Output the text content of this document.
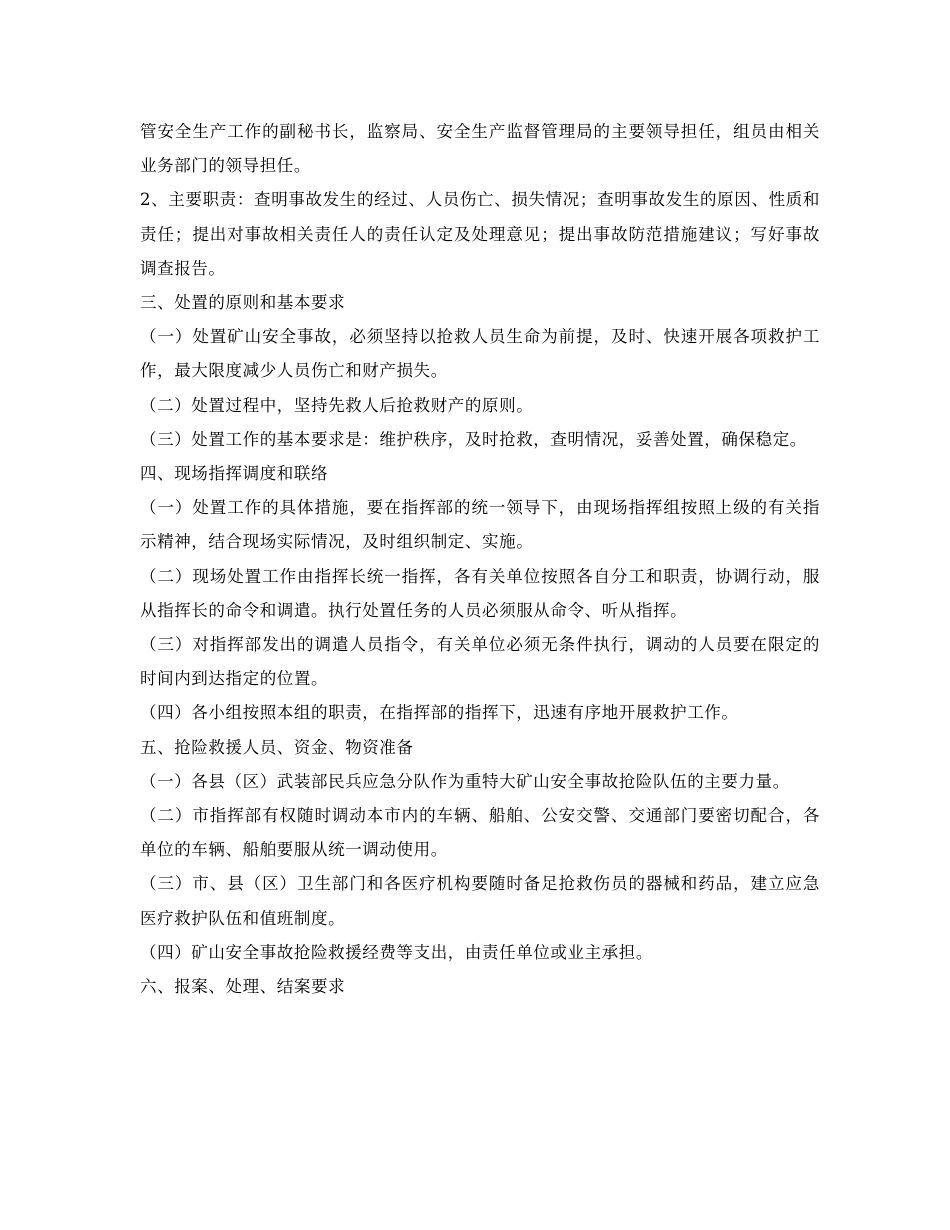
管安全生产工作的副秘书长，监察局、安全生产监督管理局的主要领导担任，组员由相关业务部门的领导担任。

2、主要职责：查明事故发生的经过、人员伤亡、损失情况；查明事故发生的原因、性质和责任；提出对事故相关责任人的责任认定及处理意见；提出事故防范措施建议；写好事故调查报告。

三、处置的原则和基本要求

（一）处置矿山安全事故，必须坚持以抢救人员生命为前提，及时、快速开展各项救护工作，最大限度减少人员伤亡和财产损失。

（二）处置过程中，坚持先救人后抢救财产的原则。

（三）处置工作的基本要求是：维护秩序，及时抢救，查明情况，妥善处置，确保稳定。

四、现场指挥调度和联络

（一）处置工作的具体措施，要在指挥部的统一领导下，由现场指挥组按照上级的有关指示精神，结合现场实际情况，及时组织制定、实施。

（二）现场处置工作由指挥长统一指挥，各有关单位按照各自分工和职责，协调行动，服从指挥长的命令和调遣。执行处置任务的人员必须服从命令、听从指挥。

（三）对指挥部发出的调遣人员指令，有关单位必须无条件执行，调动的人员要在限定的时间内到达指定的位置。

（四）各小组按照本组的职责，在指挥部的指挥下，迅速有序地开展救护工作。

五、抢险救援人员、资金、物资准备

（一）各县（区）武装部民兵应急分队作为重特大矿山安全事故抢险队伍的主要力量。

（二）市指挥部有权随时调动本市内的车辆、船舶、公安交警、交通部门要密切配合，各单位的车辆、船舶要服从统一调动使用。

（三）市、县（区）卫生部门和各医疗机构要随时备足抢救伤员的器械和药品，建立应急医疗救护队伍和值班制度。

（四）矿山安全事故抢险救援经费等支出，由责任单位或业主承担。

六、报案、处理、结案要求
